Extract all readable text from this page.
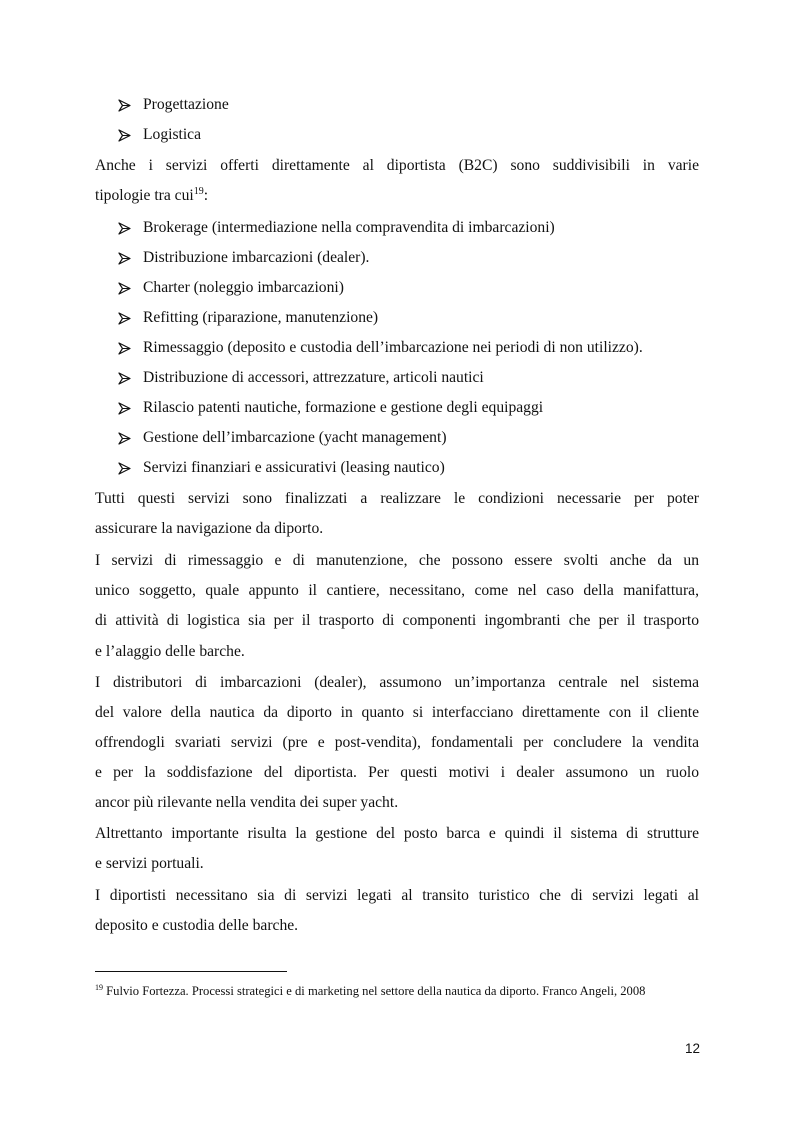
Progettazione
Logistica
Anche i servizi offerti direttamente al diportista (B2C) sono suddivisibili in varie
tipologie tra cui$^{19}$:
Brokerage (intermediazione nella compravendita di imbarcazioni)
Distribuzione imbarcazioni (dealer).
Charter (noleggio imbarcazioni)
Refitting (riparazione, manutenzione)
Rimessaggio (deposito e custodia dell’imbarcazione nei periodi di non utilizzo).
Distribuzione di accessori, attrezzature, articoli nautici
Rilascio patenti nautiche, formazione e gestione degli equipaggi
Gestione dell’imbarcazione (yacht management)
Servizi finanziari e assicurativi (leasing nautico)
Tutti questi servizi sono finalizzati a realizzare le condizioni necessarie per poter
assicurare la navigazione da diporto.
I servizi di rimessaggio e di manutenzione, che possono essere svolti anche da un
unico soggetto, quale appunto il cantiere, necessitano, come nel caso della manifattura,
di attività di logistica sia per il trasporto di componenti ingombranti che per il trasporto
e l’alaggio delle barche.
I distributori di imbarcazioni (dealer), assumono un’importanza centrale nel sistema
del valore della nautica da diporto in quanto si interfacciano direttamente con il cliente
offrendogli svariati servizi (pre e post-vendita), fondamentali per concludere la vendita
e per la soddisfazione del diportista. Per questi motivi i dealer assumono un ruolo
ancor più rilevante nella vendita dei super yacht.
Altrettanto importante risulta la gestione del posto barca e quindi il sistema di strutture
e servizi portuali.
I diportisti necessitano sia di servizi legati al transito turistico che di servizi legati al
deposito e custodia delle barche.
$^{19}$ Fulvio Fortezza. Processi strategici e di marketing nel settore della nautica da diporto. Franco Angeli, 2008
12
